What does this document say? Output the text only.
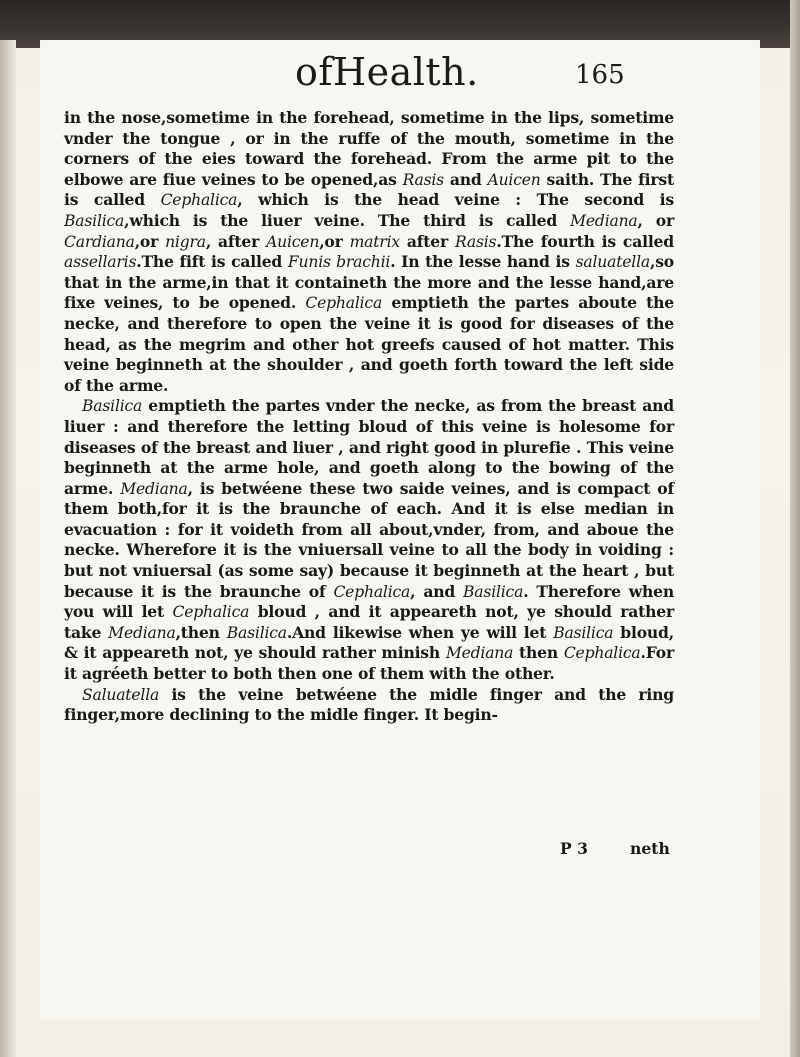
ofHealth.	165

in the nose,sometime in the forehead, sometime in the lips, sometime vnder the tongue , or in the ruffe of the mouth, sometime in the corners of the eies toward the forehead. From the arme pit to the elbowe are fiue veines to be opened,as Rasis and Auicen saith. The first is called Cephalica, which is the head veine : The second is Basilica,which is the liuer veine. The third is called Mediana, or Cardiana,or nigra, after Auicen,or matrix after Rasis.The fourth is called assellaris.The fift is called Funis brachii. In the lesse hand is saluatella,so that in the arme,in that it containeth the more and the lesse hand,are fixe veines, to be opened. Cephalica emptieth the partes aboute the necke, and therefore to open the veine it is good for diseases of the head, as the megrim and other hot greefs caused of hot matter. This veine beginneth at the shoulder , and goeth forth toward the left side of the arme.

Basilica emptieth the partes vnder the necke, as from the breast and liuer : and therefore the letting bloud of this veine is holesome for diseases of the breast and liuer , and right good in plurefie . This veine beginneth at the arme hole, and goeth along to the bowing of the arme. Mediana, is betwéene these two saide veines, and is compact of them both,for it is the braunche of each. And it is else median in evacuation : for it voideth from all about,vnder, from, and aboue the necke. Wherefore it is the vniuersall veine to all the body in voiding : but not vniuersal (as some say) because it beginneth at the heart , but because it is the braunche of Cephalica, and Basilica. Therefore when you will let Cephalica bloud , and it appeareth not, ye should rather take Mediana,then Basilica.And likewise when ye will let Basilica bloud, & it appeareth not, ye should rather minish Mediana then Cephalica.For it agréeth better to both then one of them with the other.

Saluatella is the veine betwéene the midle finger and the ring finger,more declining to the midle finger. It begin-

P 3	neth
